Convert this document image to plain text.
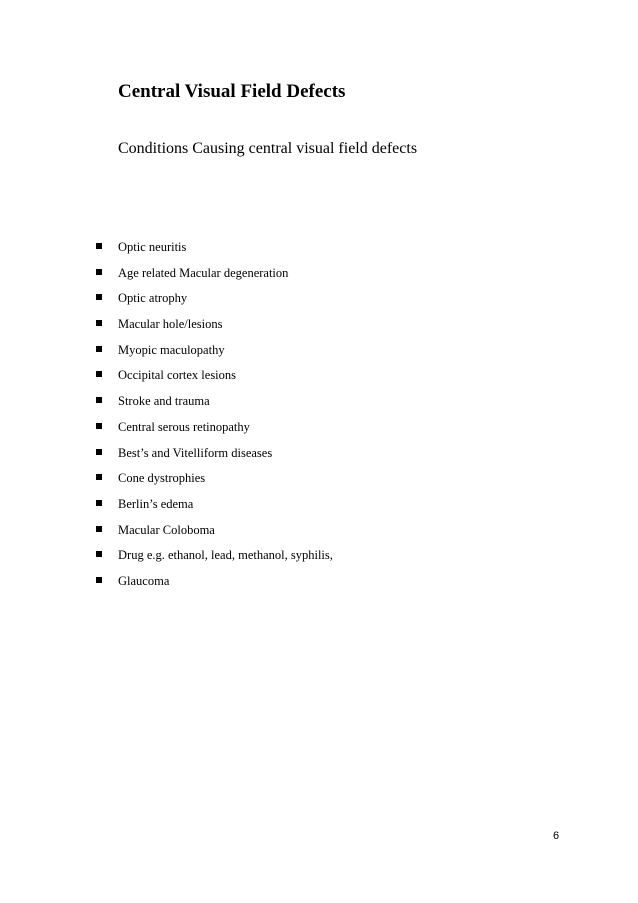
Central Visual Field Defects

Conditions Causing central visual field defects

Optic neuritis
Age related Macular degeneration
Optic atrophy
Macular hole/lesions
Myopic maculopathy
Occipital cortex lesions
Stroke and trauma
Central serous retinopathy
Best’s and Vitelliform diseases
Cone dystrophies
Berlin’s edema
Macular Coloboma
Drug e.g. ethanol, lead, methanol, syphilis,
Glaucoma
6
